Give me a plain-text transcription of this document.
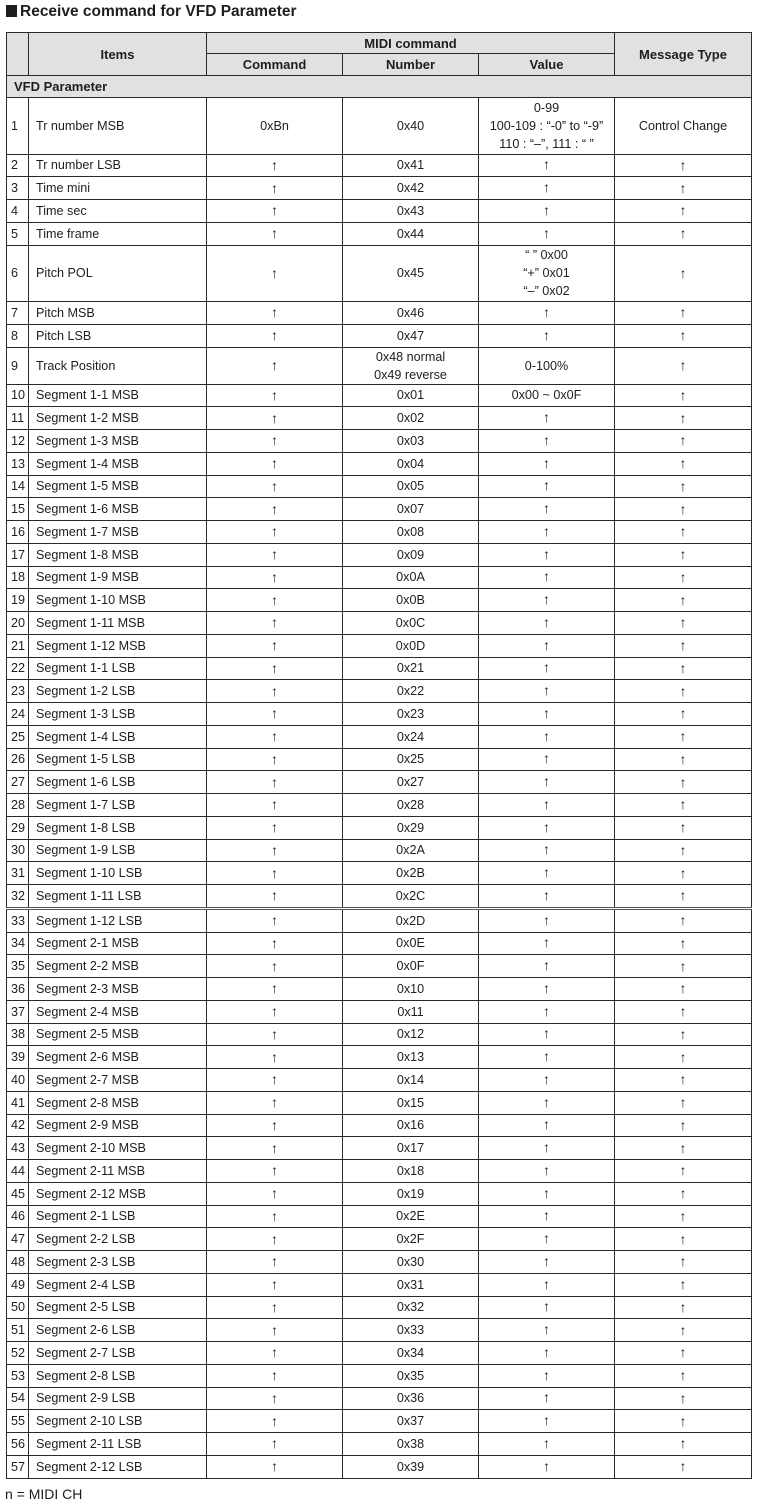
Receive command for VFD Parameter
	Items	MIDI command			Message Type
		Command	Number	Value	
VFD Parameter					
1	Tr number MSB	0xBn	0x40	0-99
100-109 : “-0” to “-9”
110 : “–”, 111 : “ ”	Control Change
2	Tr number LSB	↑	0x41	↑	↑
3	Time mini	↑	0x42	↑	↑
4	Time sec	↑	0x43	↑	↑
5	Time frame	↑	0x44	↑	↑
6	Pitch POL	↑	0x45	“ ” 0x00
“+” 0x01
“–” 0x02	↑
7	Pitch MSB	↑	0x46	↑	↑
8	Pitch LSB	↑	0x47	↑	↑
9	Track Position	↑	0x48 normal
0x49 reverse	0-100%	↑
10	Segment 1-1 MSB	↑	0x01	0x00 ~ 0x0F	↑
11	Segment 1-2 MSB	↑	0x02	↑	↑
12	Segment 1-3 MSB	↑	0x03	↑	↑
13	Segment 1-4 MSB	↑	0x04	↑	↑
14	Segment 1-5 MSB	↑	0x05	↑	↑
15	Segment 1-6 MSB	↑	0x07	↑	↑
16	Segment 1-7 MSB	↑	0x08	↑	↑
17	Segment 1-8 MSB	↑	0x09	↑	↑
18	Segment 1-9 MSB	↑	0x0A	↑	↑
19	Segment 1-10 MSB	↑	0x0B	↑	↑
20	Segment 1-11 MSB	↑	0x0C	↑	↑
21	Segment 1-12 MSB	↑	0x0D	↑	↑
22	Segment 1-1 LSB	↑	0x21	↑	↑
23	Segment 1-2 LSB	↑	0x22	↑	↑
24	Segment 1-3 LSB	↑	0x23	↑	↑
25	Segment 1-4 LSB	↑	0x24	↑	↑
26	Segment 1-5 LSB	↑	0x25	↑	↑
27	Segment 1-6 LSB	↑	0x27	↑	↑
28	Segment 1-7 LSB	↑	0x28	↑	↑
29	Segment 1-8 LSB	↑	0x29	↑	↑
30	Segment 1-9 LSB	↑	0x2A	↑	↑
31	Segment 1-10 LSB	↑	0x2B	↑	↑
32	Segment 1-11 LSB	↑	0x2C	↑	↑
33	Segment 1-12 LSB	↑	0x2D	↑	↑
34	Segment 2-1 MSB	↑	0x0E	↑	↑
35	Segment 2-2 MSB	↑	0x0F	↑	↑
36	Segment 2-3 MSB	↑	0x10	↑	↑
37	Segment 2-4 MSB	↑	0x11	↑	↑
38	Segment 2-5 MSB	↑	0x12	↑	↑
39	Segment 2-6 MSB	↑	0x13	↑	↑
40	Segment 2-7 MSB	↑	0x14	↑	↑
41	Segment 2-8 MSB	↑	0x15	↑	↑
42	Segment 2-9 MSB	↑	0x16	↑	↑
43	Segment 2-10 MSB	↑	0x17	↑	↑
44	Segment 2-11 MSB	↑	0x18	↑	↑
45	Segment 2-12 MSB	↑	0x19	↑	↑
46	Segment 2-1 LSB	↑	0x2E	↑	↑
47	Segment 2-2 LSB	↑	0x2F	↑	↑
48	Segment 2-3 LSB	↑	0x30	↑	↑
49	Segment 2-4 LSB	↑	0x31	↑	↑
50	Segment 2-5 LSB	↑	0x32	↑	↑
51	Segment 2-6 LSB	↑	0x33	↑	↑
52	Segment 2-7 LSB	↑	0x34	↑	↑
53	Segment 2-8 LSB	↑	0x35	↑	↑
54	Segment 2-9 LSB	↑	0x36	↑	↑
55	Segment 2-10 LSB	↑	0x37	↑	↑
56	Segment 2-11 LSB	↑	0x38	↑	↑
57	Segment 2-12 LSB	↑	0x39	↑	↑
n = MIDI CH
